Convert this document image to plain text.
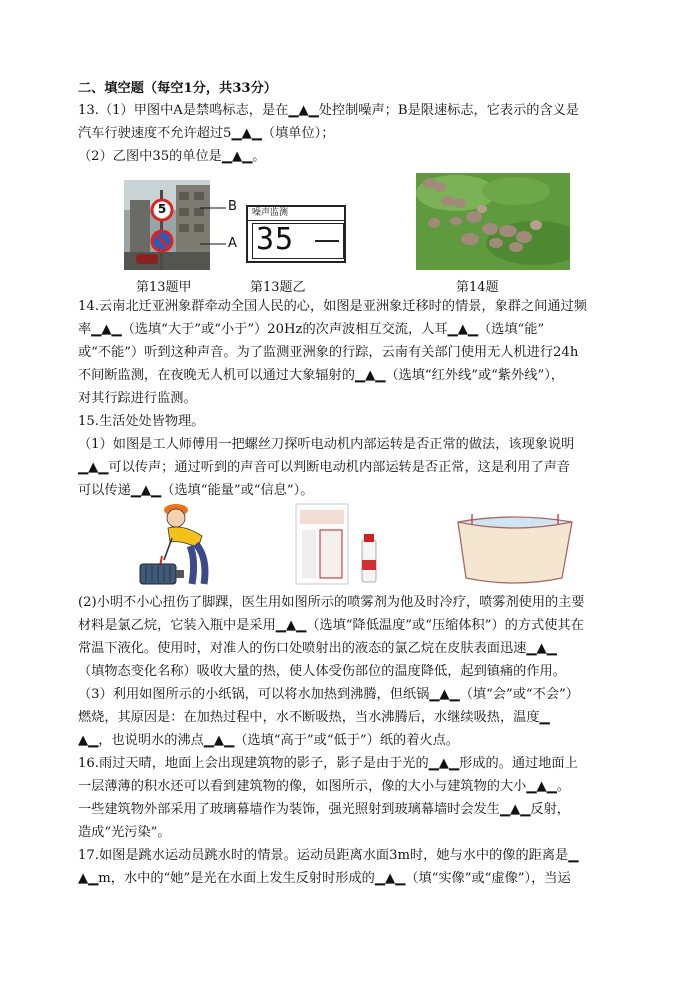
二、填空题（每空1分，共33分）
13.（1）甲图中A是禁鸣标志，是在▁▲▁处控制噪声；B是限速标志，它表示的含义是
汽车行驶速度不允许超过5▁▲▁（填单位）；
（2）乙图中35的单位是▁▲▁。
5	B
A
噪声监测
35
第13题甲	第13题乙	第14题
14.云南北迁亚洲象群牵动全国人民的心，如图是亚洲象迁移时的情景，象群之间通过频
率▁▲▁（选填“大于”或“小于”）20Hz的次声波相互交流，人耳▁▲▁（选填“能”
或“不能”）听到这种声音。为了监测亚洲象的行踪，云南有关部门使用无人机进行24h
不间断监测，在夜晚无人机可以通过大象辐射的▁▲▁（选填“红外线”或“紫外线”），
对其行踪进行监测。
15.生活处处皆物理。
（1）如图是工人师傅用一把螺丝刀探听电动机内部运转是否正常的做法，该现象说明
▁▲▁可以传声；通过听到的声音可以判断电动机内部运转是否正常，这是利用了声音
可以传递▁▲▁（选填“能量”或“信息”）。
(2)小明不小心扭伤了脚踝，医生用如图所示的喷雾剂为他及时冷疗，喷雾剂使用的主要
材料是氯乙烷，它装入瓶中是采用▁▲▁（选填“降低温度”或“压缩体积”）的方式使其在
常温下液化。使用时，对准人的伤口处喷射出的液态的氯乙烷在皮肤表面迅速▁▲▁
（填物态变化名称）吸收大量的热，使人体受伤部位的温度降低，起到镇痛的作用。
（3）利用如图所示的小纸锅，可以将水加热到沸腾，但纸锅▁▲▁（填“会”或“不会”）
燃烧，其原因是：在加热过程中，水不断吸热，当水沸腾后，水继续吸热，温度▁
▲▁，也说明水的沸点▁▲▁（选填“高于”或“低于”）纸的着火点。
16.雨过天晴，地面上会出现建筑物的影子，影子是由于光的▁▲▁形成的。通过地面上
一层薄薄的积水还可以看到建筑物的像，如图所示，像的大小与建筑物的大小▁▲▁。
一些建筑物外部采用了玻璃幕墙作为装饰，强光照射到玻璃幕墙时会发生▁▲▁反射，
造成“光污染”。
17.如图是跳水运动员跳水时的情景。运动员距离水面3m时，她与水中的像的距离是▁
▲▁m，水中的“她”是光在水面上发生反射时形成的▁▲▁（填“实像”或“虚像”），当运
